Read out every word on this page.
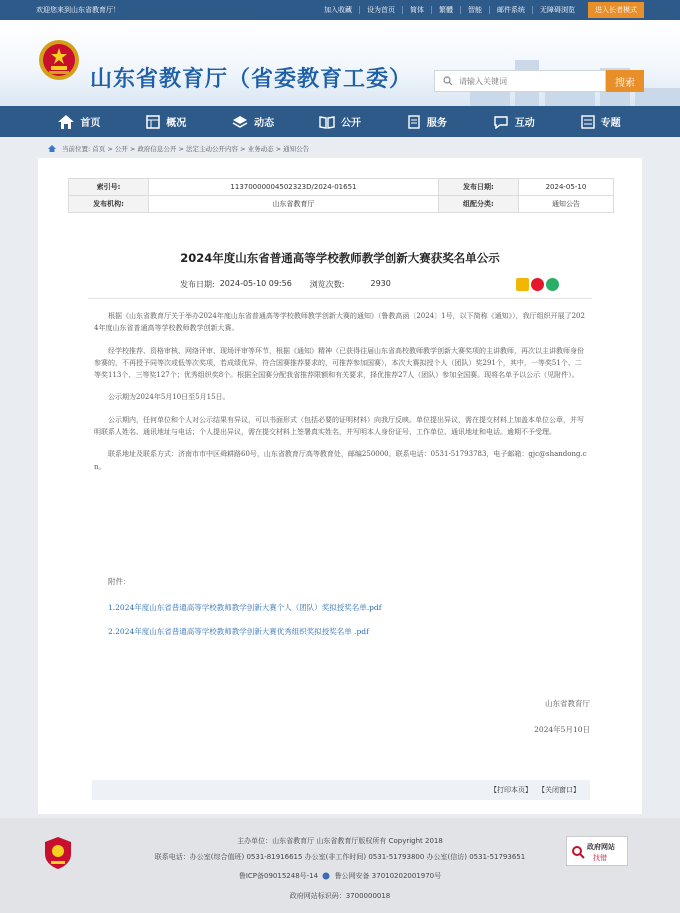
欢迎您来到山东省教育厅！	加入收藏	设为首页	简体	繁體	智能	邮件系统	无障碍浏览	进入长者模式
山东省教育厅（省委教育工委）
请输入关键词	搜索
首页	概况	动态	公开	服务	互动	专题
当前位置: 首页 > 公开 > 政府信息公开 > 法定主动公开内容 > 业务动态 > 通知公告
索引号:	11370000004502323D/2024-01651	发布日期:	2024-05-10
发布机构:	山东省教育厅	组配分类:	通知公告
2024年度山东省普通高等学校教师教学创新大赛获奖名单公示
发布日期: 2024-05-10 09:56 浏览次数:	2930

根据《山东省教育厅关于举办2024年度山东省普通高等学校教师教学创新大赛的通知》（鲁教高函〔2024〕1号，以下简称《通知》），我厅组织开展了2024年度山东省普通高等学校教师教学创新大赛。

经学校推荐、资格审核、网络评审、现场评审等环节，根据《通知》精神（已获得往届山东省高校教师教学创新大赛奖项的主讲教师，再次以主讲教师身份参赛的，不再授予同等次或低等次奖项，若成绩优异，符合国赛推荐要求的，可推荐参加国赛），本次大赛拟授个人（团队）奖291个，其中，一等奖51个、二等奖113个、三等奖127个；优秀组织奖8个。根据全国赛分配我省推荐限额和有关要求，择优推荐27人（团队）参加全国赛。现将名单予以公示（见附件）。

公示期为2024年5月10日至5月15日。

公示期内，任何单位和个人对公示结果有异议，可以书面形式（包括必要的证明材料）向我厅反映。单位提出异议，需在提交材料上加盖本单位公章，并写明联系人姓名、通讯地址与电话；个人提出异议，需在提交材料上签署真实姓名，并写明本人身份证号、工作单位、通讯地址和电话。逾期不予受理。

联系地址及联系方式：济南市市中区舜耕路60号，山东省教育厅高等教育处，邮编250000。联系电话：0531-51793783，电子邮箱：gjc@shandong.cn。

附件：
1.2024年度山东省普通高等学校教师教学创新大赛个人（团队）奖拟授奖名单.pdf
2.2024年度山东省普通高等学校教师教学创新大赛优秀组织奖拟授奖名单 .pdf
山东省教育厅
2024年5月10日
【打印本页】 【关闭窗口】
主办单位：山东省教育厅 山东省教育厅版权所有 Copyright 2018
联系电话：办公室(综合值班) 0531-81916615 办公室(非工作时间) 0531-51793800 办公室(信访) 0531-51793651
鲁ICP备09015248号-14 鲁公网安备 37010202001970号
政府网站标识码：3700000018
政府网站
找错
